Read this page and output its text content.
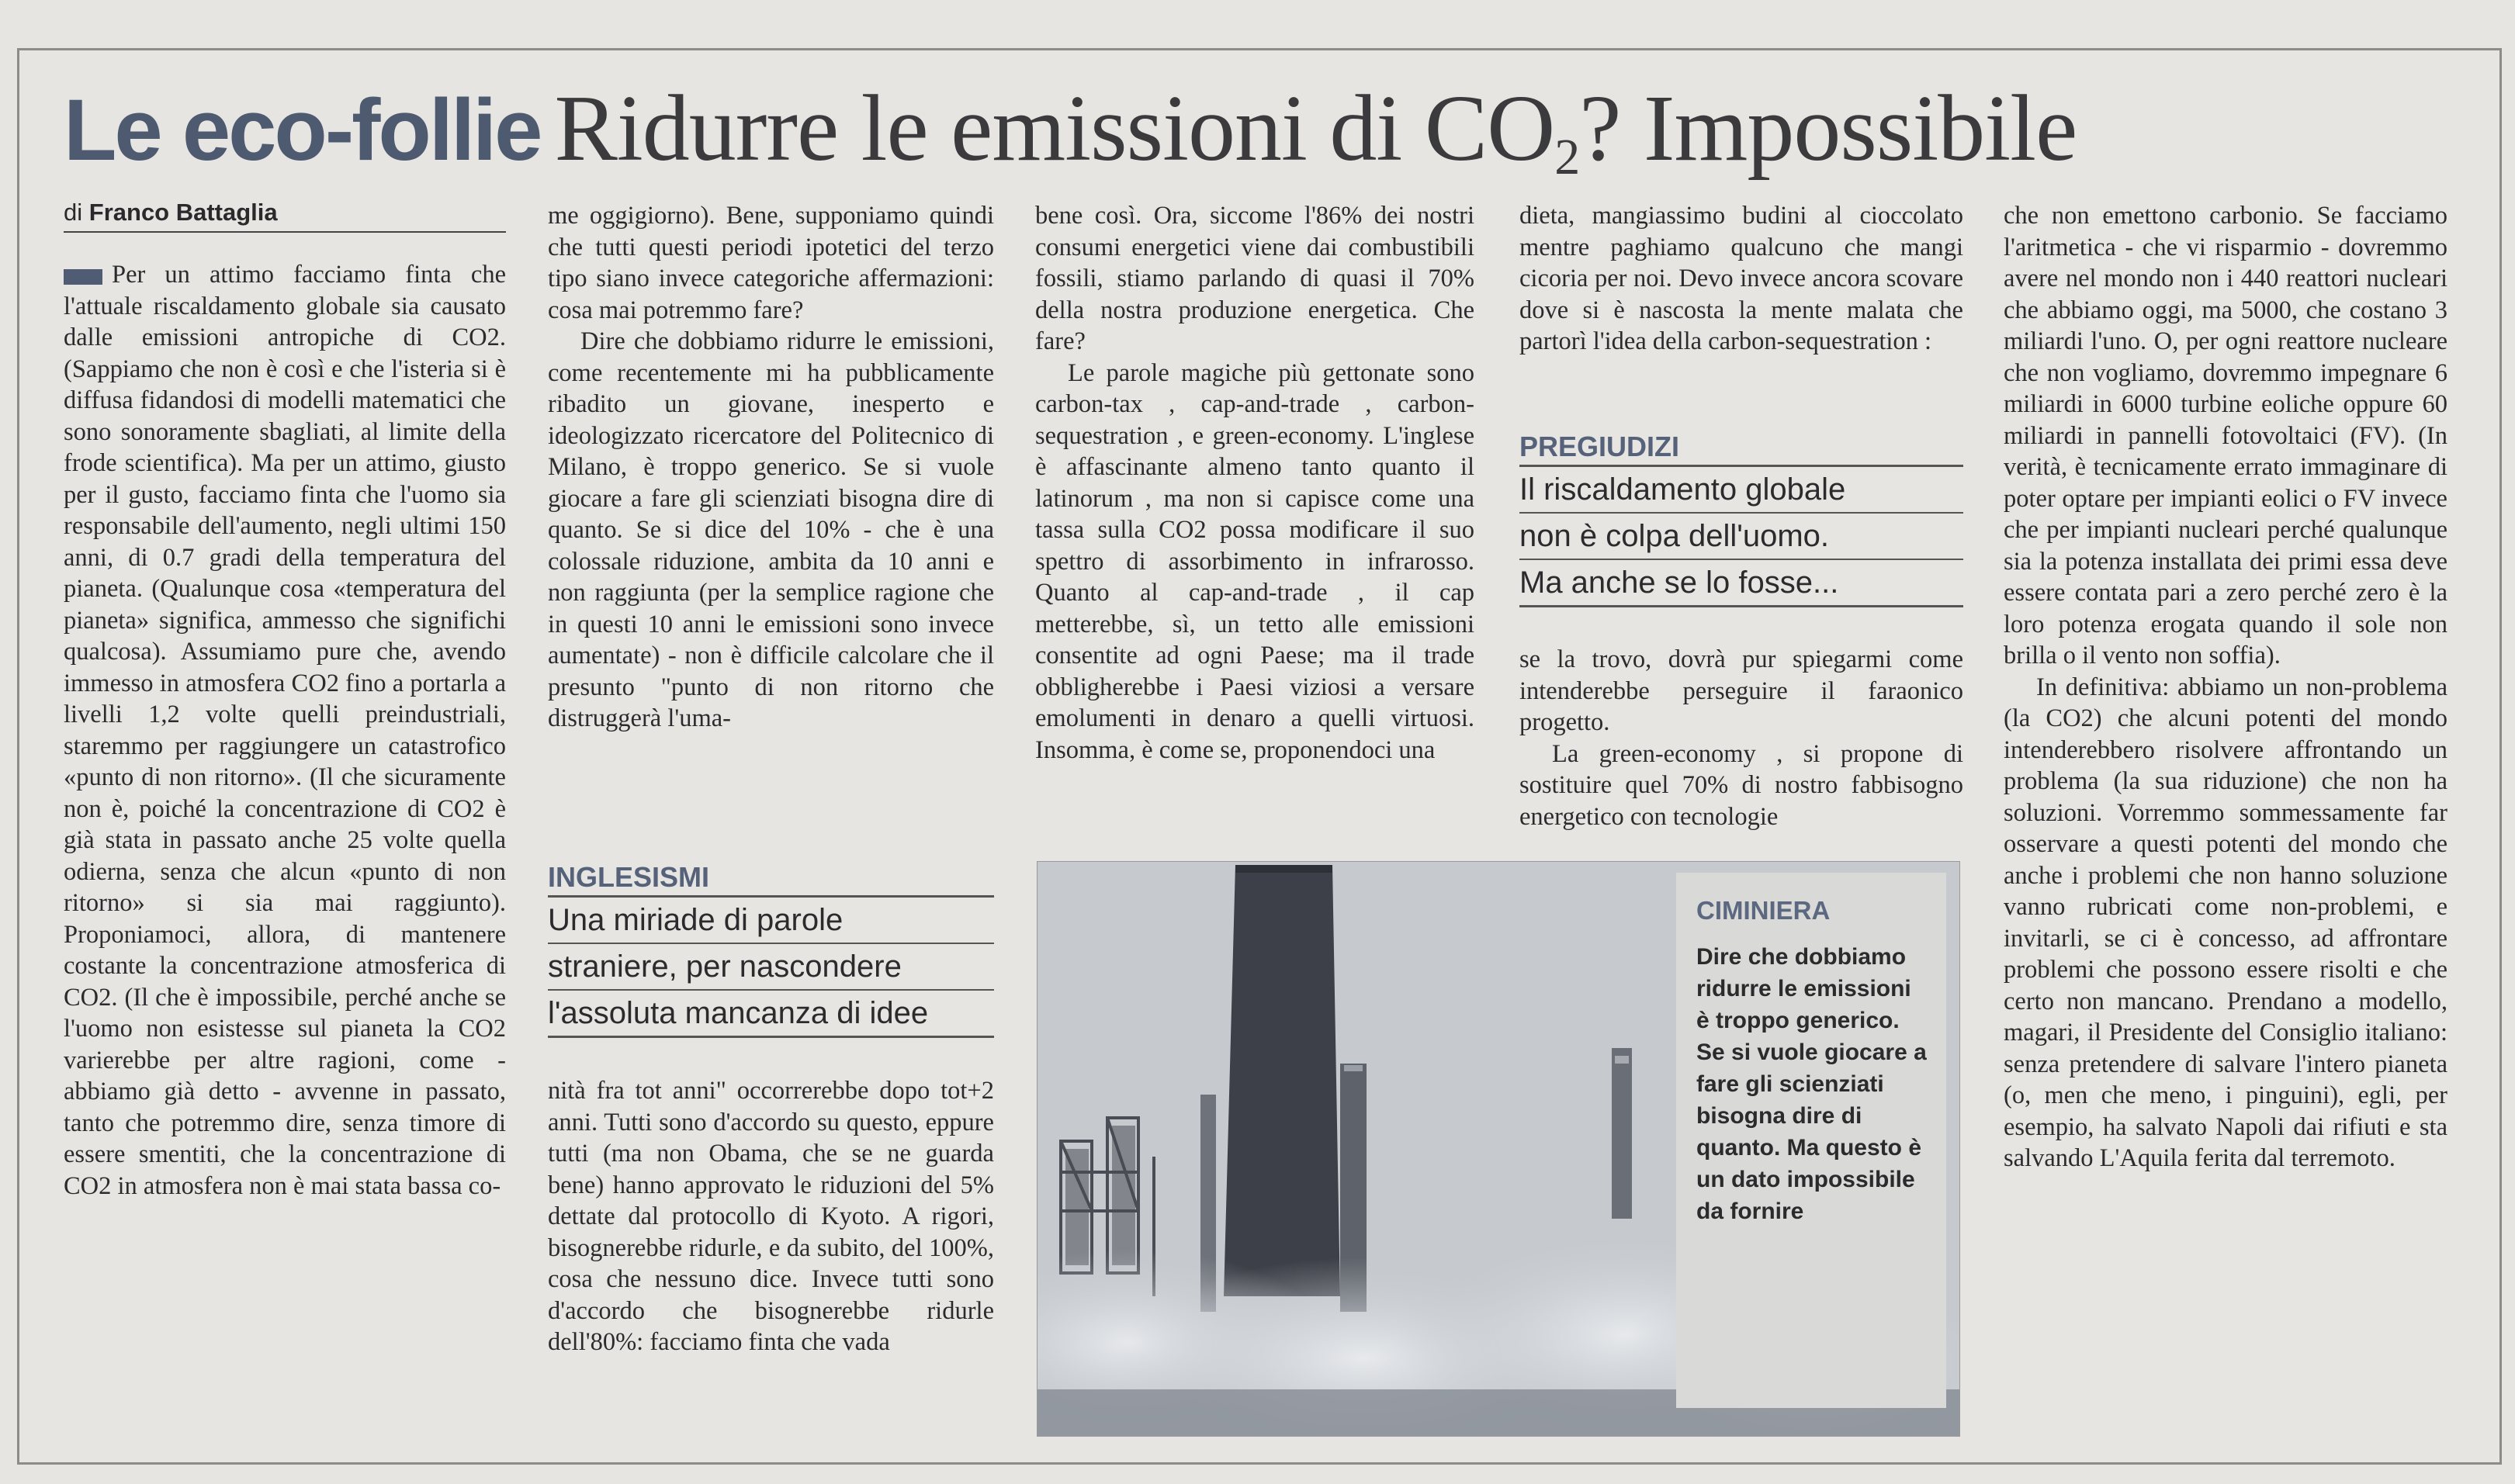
Le eco-follie Ridurre le emissioni di $CO_2$? Impossibile
di Franco Battaglia

Per un attimo facciamo finta che l'attuale riscaldamento globale sia causato dalle emissioni antropiche di CO2. (Sappiamo che non è così e che l'isteria si è diffusa fidandosi di modelli matematici che sono sonoramente sbagliati, al limite della frode scientifica). Ma per un attimo, giusto per il gusto, facciamo finta che l'uomo sia responsabile dell'aumento, negli ultimi 150 anni, di 0.7 gradi della temperatura del pianeta. (Qualunque cosa «temperatura del pianeta» significa, ammesso che significhi qualcosa). Assumiamo pure che, avendo immesso in atmosfera CO2 fino a portarla a livelli 1,2 volte quelli preindustriali, staremmo per raggiungere un catastrofico «punto di non ritorno». (Il che sicuramente non è, poiché la concentrazione di CO2 è già stata in passato anche 25 volte quella odierna, senza che alcun «punto di non ritorno» si sia mai raggiunto). Proponiamoci, allora, di mantenere costante la concentrazione atmosferica di CO2. (Il che è impossibile, perché anche se l'uomo non esistesse sul pianeta la CO2 varierebbe per altre ragioni, come - abbiamo già detto - avvenne in passato, tanto che potremmo dire, senza timore di essere smentiti, che la concentrazione di CO2 in atmosfera non è mai stata bassa co-

me oggigiorno). Bene, supponiamo quindi che tutti questi periodi ipotetici del terzo tipo siano invece categoriche affermazioni: cosa mai potremmo fare?

Dire che dobbiamo ridurre le emissioni, come recentemente mi ha pubblicamente ribadito un giovane, inesperto e ideologizzato ricercatore del Politecnico di Milano, è troppo generico. Se si vuole giocare a fare gli scienziati bisogna dire di quanto. Se si dice del 10% - che è una colossale riduzione, ambita da 10 anni e non raggiunta (per la semplice ragione che in questi 10 anni le emissioni sono invece aumentate) - non è difficile calcolare che il presunto "punto di non ritorno che distruggerà l'uma-

INGLESISMI
Una miriade di parole
straniere, per nascondere
l'assoluta mancanza di idee

nità fra tot anni" occorrerebbe dopo tot+2 anni. Tutti sono d'accordo su questo, eppure tutti (ma non Obama, che se ne guarda bene) hanno approvato le riduzioni del 5% dettate dal protocollo di Kyoto. A rigori, bisognerebbe ridurle, e da subito, del 100%, cosa che nessuno dice. Invece tutti sono d'accordo che bisognerebbe ridurle dell'80%: facciamo finta che vada

bene così. Ora, siccome l'86% dei nostri consumi energetici viene dai combustibili fossili, stiamo parlando di quasi il 70% della nostra produzione energetica. Che fare?

Le parole magiche più gettonate sono carbon-tax , cap-and-trade , carbon-sequestration , e green-economy. L'inglese è affascinante almeno tanto quanto il latinorum , ma non si capisce come una tassa sulla CO2 possa modificare il suo spettro di assorbimento in infrarosso. Quanto al cap-and-trade , il cap metterebbe, sì, un tetto alle emissioni consentite ad ogni Paese; ma il trade obbligherebbe i Paesi viziosi a versare emolumenti in denaro a quelli virtuosi. Insomma, è come se, proponendoci una

dieta, mangiassimo budini al cioccolato mentre paghiamo qualcuno che mangi cicoria per noi. Devo invece ancora scovare dove si è nascosta la mente malata che partorì l'idea della carbon-sequestration :

PREGIUDIZI
Il riscaldamento globale
non è colpa dell'uomo.
Ma anche se lo fosse...

se la trovo, dovrà pur spiegarmi come intenderebbe perseguire il faraonico progetto.

La green-economy , si propone di sostituire quel 70% di nostro fabbisogno energetico con tecnologie

che non emettono carbonio. Se facciamo l'aritmetica - che vi risparmio - dovremmo avere nel mondo non i 440 reattori nucleari che abbiamo oggi, ma 5000, che costano 3 miliardi l'uno. O, per ogni reattore nucleare che non vogliamo, dovremmo impegnare 6 miliardi in 6000 turbine eoliche oppure 60 miliardi in pannelli fotovoltaici (FV). (In verità, è tecnicamente errato immaginare di poter optare per impianti eolici o FV invece che per impianti nucleari perché qualunque sia la potenza installata dei primi essa deve essere contata pari a zero perché zero è la loro potenza erogata quando il sole non brilla o il vento non soffia).

In definitiva: abbiamo un non-problema (la CO2) che alcuni potenti del mondo intenderebbero risolvere affrontando un problema (la sua riduzione) che non ha soluzioni. Vorremmo sommessamente far osservare a questi potenti del mondo che anche i problemi che non hanno soluzione vanno rubricati come non-problemi, e invitarli, se ci è concesso, ad affrontare problemi che possono essere risolti e che certo non mancano. Prendano a modello, magari, il Presidente del Consiglio italiano: senza pretendere di salvare l'intero pianeta (o, men che meno, i pinguini), egli, per esempio, ha salvato Napoli dai rifiuti e sta salvando L'Aquila ferita dal terremoto.

CIMINIERA
Dire che dobbiamo ridurre le emissioni è troppo generico. Se si vuole giocare a fare gli scienziati bisogna dire di quanto. Ma questo è un dato impossibile da fornire
